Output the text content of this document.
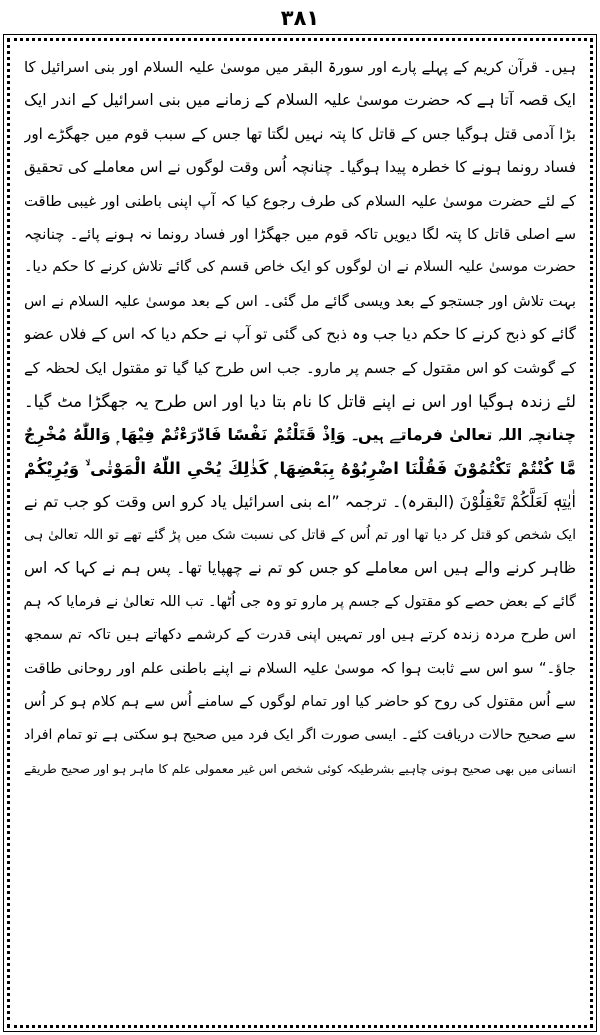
۳۸۱
ہیں۔ قرآن کریم کے پہلے پارے اور سورۃ البقر میں موسیٰ علیہ السلام اور بنی اسرائیل کا
ایک قصہ آتا ہے کہ حضرت موسیٰ علیہ السلام کے زمانے میں بنی اسرائیل کے اندر ایک
بڑا آدمی قتل ہوگیا جس کے قاتل کا پتہ نہیں لگتا تھا جس کے سبب قوم میں جھگڑے اور
فساد رونما ہونے کا خطرہ پیدا ہوگیا۔ چنانچہ اُس وقت لوگوں نے اس معاملے کی تحقیق
کے لئے حضرت موسیٰ علیہ السلام کی طرف رجوع کیا کہ آپ اپنی باطنی اور غیبی طاقت
سے اصلی قاتل کا پتہ لگا دیویں تاکہ قوم میں جھگڑا اور فساد رونما نہ ہونے پائے۔ چنانچہ
حضرت موسیٰ علیہ السلام نے ان لوگوں کو ایک خاص قسم کی گائے تلاش کرنے کا حکم دیا۔
بہت تلاش اور جستجو کے بعد ویسی گائے مل گئی۔ اس کے بعد موسیٰ علیہ السلام نے اس
گائے کو ذبح کرنے کا حکم دیا جب وہ ذبح کی گئی تو آپ نے حکم دیا کہ اس کے فلاں عضو
کے گوشت کو اس مقتول کے جسم پر مارو۔ جب اس طرح کیا گیا تو مقتول ایک لحظہ کے
لئے زندہ ہوگیا اور اس نے اپنے قاتل کا نام بتا دیا اور اس طرح یہ جھگڑا مٹ گیا۔
چنانچہ اللہ تعالیٰ فرماتے ہیں۔ وَاِذْ قَتَلْتُمْ نَفْسًا فَادّٰرَءْتُمْ فِيْهَا ۭ وَاللّٰهُ مُخْرِجٌ
مَّا كُنْتُمْ تَكْتُمُوْنَ فَقُلْنَا اضْرِبُوْهُ بِبَعْضِهَا ۭ كَذٰلِكَ يُحْىِ اللّٰهُ الْمَوْتٰى ۙ وَيُرِيْكُمْ
اٰيٰتِهٖ لَعَلَّكُمْ تَعْقِلُوْنَ (البقرہ)۔ ترجمہ ”اے بنی اسرائیل یاد کرو اس وقت کو جب تم نے
ایک شخص کو قتل کر دیا تھا اور تم اُس کے قاتل کی نسبت شک میں پڑ گئے تھے تو اللہ تعالیٰ ہی
ظاہر کرنے والے ہیں اس معاملے کو جس کو تم نے چھپایا تھا۔ پس ہم نے کہا کہ اس
گائے کے بعض حصے کو مقتول کے جسم پر مارو تو وہ جی اُٹھا۔ تب اللہ تعالیٰ نے فرمایا کہ ہم
اس طرح مردہ زندہ کرتے ہیں اور تمہیں اپنی قدرت کے کرشمے دکھاتے ہیں تاکہ تم سمجھ
جاؤ۔“ سو اس سے ثابت ہوا کہ موسیٰ علیہ السلام نے اپنے باطنی علم اور روحانی طاقت
سے اُس مقتول کی روح کو حاضر کیا اور تمام لوگوں کے سامنے اُس سے ہم کلام ہو کر اُس
سے صحیح حالات دریافت کئے۔ ایسی صورت اگر ایک فرد میں صحیح ہو سکتی ہے تو تمام افراد
انسانی میں بھی صحیح ہونی چاہیے بشرطیکہ کوئی شخص اس غیر معمولی علم کا ماہر ہو اور صحیح طریقے
